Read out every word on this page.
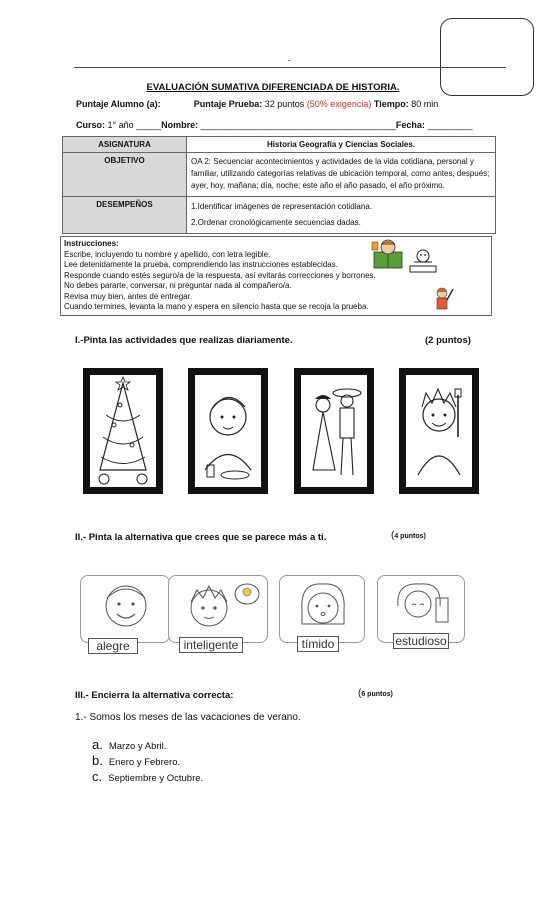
-
EVALUACIÓN SUMATIVA DIFERENCIADA DE HISTORIA.
Puntaje Alumno (a):	Puntaje Prueba: 32 puntos (50% exigencia) Tiempo: 80 min
Curso: 1° año _____Nombre: _______________________________________Fecha: _________
ASIGNATURA	Historia Geografía y Ciencias Sociales.
OBJETIVO	OA 2: Secuenciar acontecimientos y actividades de la vida cotidiana, personal y
familiar, utilizando categorías relativas de ubicación temporal, como antes, después;
ayer, hoy, mañana; día, noche; este año el año pasado, el año próximo.

DESEMPEÑOS	1.Identificar imágenes de representación cotidiana.
2.Ordenar cronológicamente secuencias dadas.
Instrucciones:
Escribe, incluyendo tu nombre y apellido, con letra legible.
Lee detenidamente la prueba, comprendiendo las instrucciones establecidas.
Responde cuando estés seguro/a de la respuesta, así evitarás correcciones y borrones.
No debes pararte, conversar, ni preguntar nada al compañero/a.
Revisa muy bien, antes de entregar.
Cuando termines, levanta la mano y espera en silencio hasta que se recoja la prueba.
I.-Pinta las actividades que realizas diariamente.	(2 puntos)
II.- Pinta la alternativa que crees que se parece más a ti.	(4 puntos)
alegre	inteligente	tímido	estudioso
III.- Encierra la alternativa correcta:	(6 puntos)
1.- Somos los meses de las vacaciones de verano.
a. Marzo y Abril.
b. Enero y Febrero.
c. Septiembre y Octubre.
